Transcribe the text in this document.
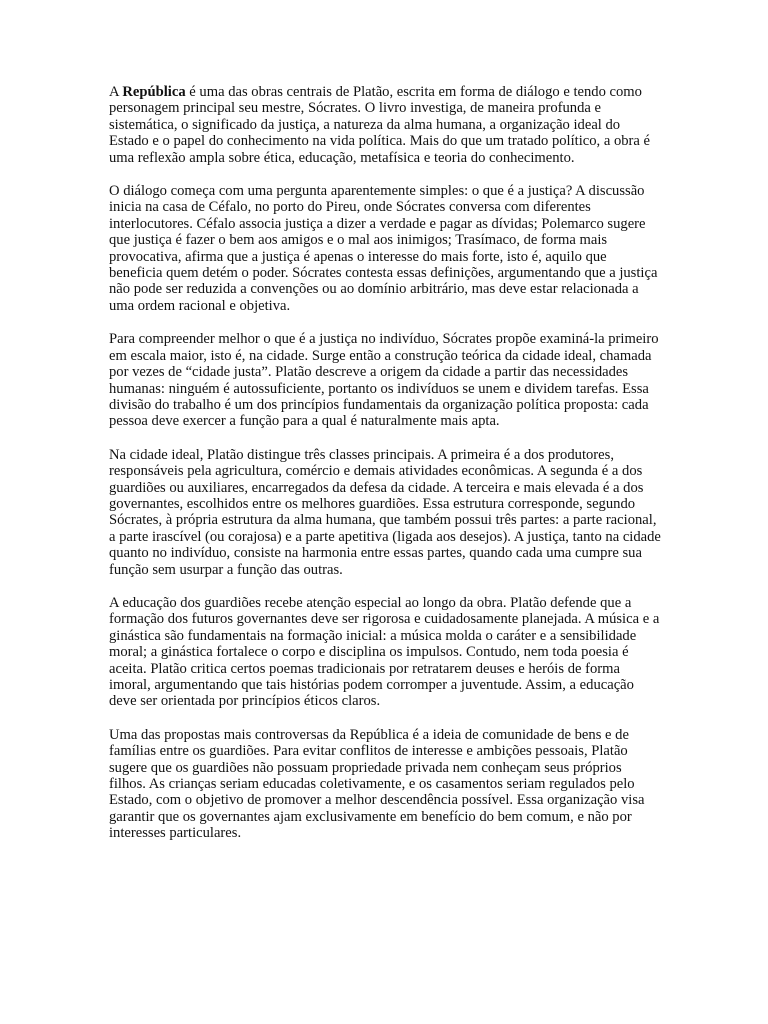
A República é uma das obras centrais de Platão, escrita em forma de diálogo e tendo como personagem principal seu mestre, Sócrates. O livro investiga, de maneira profunda e sistemática, o significado da justiça, a natureza da alma humana, a organização ideal do Estado e o papel do conhecimento na vida política. Mais do que um tratado político, a obra é uma reflexão ampla sobre ética, educação, metafísica e teoria do conhecimento.

O diálogo começa com uma pergunta aparentemente simples: o que é a justiça? A discussão inicia na casa de Céfalo, no porto do Pireu, onde Sócrates conversa com diferentes interlocutores. Céfalo associa justiça a dizer a verdade e pagar as dívidas; Polemarco sugere que justiça é fazer o bem aos amigos e o mal aos inimigos; Trasímaco, de forma mais provocativa, afirma que a justiça é apenas o interesse do mais forte, isto é, aquilo que beneficia quem detém o poder. Sócrates contesta essas definições, argumentando que a justiça não pode ser reduzida a convenções ou ao domínio arbitrário, mas deve estar relacionada a uma ordem racional e objetiva.

Para compreender melhor o que é a justiça no indivíduo, Sócrates propõe examiná-la primeiro em escala maior, isto é, na cidade. Surge então a construção teórica da cidade ideal, chamada por vezes de “cidade justa”. Platão descreve a origem da cidade a partir das necessidades humanas: ninguém é autossuficiente, portanto os indivíduos se unem e dividem tarefas. Essa divisão do trabalho é um dos princípios fundamentais da organização política proposta: cada pessoa deve exercer a função para a qual é naturalmente mais apta.

Na cidade ideal, Platão distingue três classes principais. A primeira é a dos produtores, responsáveis pela agricultura, comércio e demais atividades econômicas. A segunda é a dos guardiões ou auxiliares, encarregados da defesa da cidade. A terceira e mais elevada é a dos governantes, escolhidos entre os melhores guardiões. Essa estrutura corresponde, segundo Sócrates, à própria estrutura da alma humana, que também possui três partes: a parte racional, a parte irascível (ou corajosa) e a parte apetitiva (ligada aos desejos). A justiça, tanto na cidade quanto no indivíduo, consiste na harmonia entre essas partes, quando cada uma cumpre sua função sem usurpar a função das outras.

A educação dos guardiões recebe atenção especial ao longo da obra. Platão defende que a formação dos futuros governantes deve ser rigorosa e cuidadosamente planejada. A música e a ginástica são fundamentais na formação inicial: a música molda o caráter e a sensibilidade moral; a ginástica fortalece o corpo e disciplina os impulsos. Contudo, nem toda poesia é aceita. Platão critica certos poemas tradicionais por retratarem deuses e heróis de forma imoral, argumentando que tais histórias podem corromper a juventude. Assim, a educação deve ser orientada por princípios éticos claros.

Uma das propostas mais controversas da República é a ideia de comunidade de bens e de famílias entre os guardiões. Para evitar conflitos de interesse e ambições pessoais, Platão sugere que os guardiões não possuam propriedade privada nem conheçam seus próprios filhos. As crianças seriam educadas coletivamente, e os casamentos seriam regulados pelo Estado, com o objetivo de promover a melhor descendência possível. Essa organização visa garantir que os governantes ajam exclusivamente em benefício do bem comum, e não por interesses particulares.
